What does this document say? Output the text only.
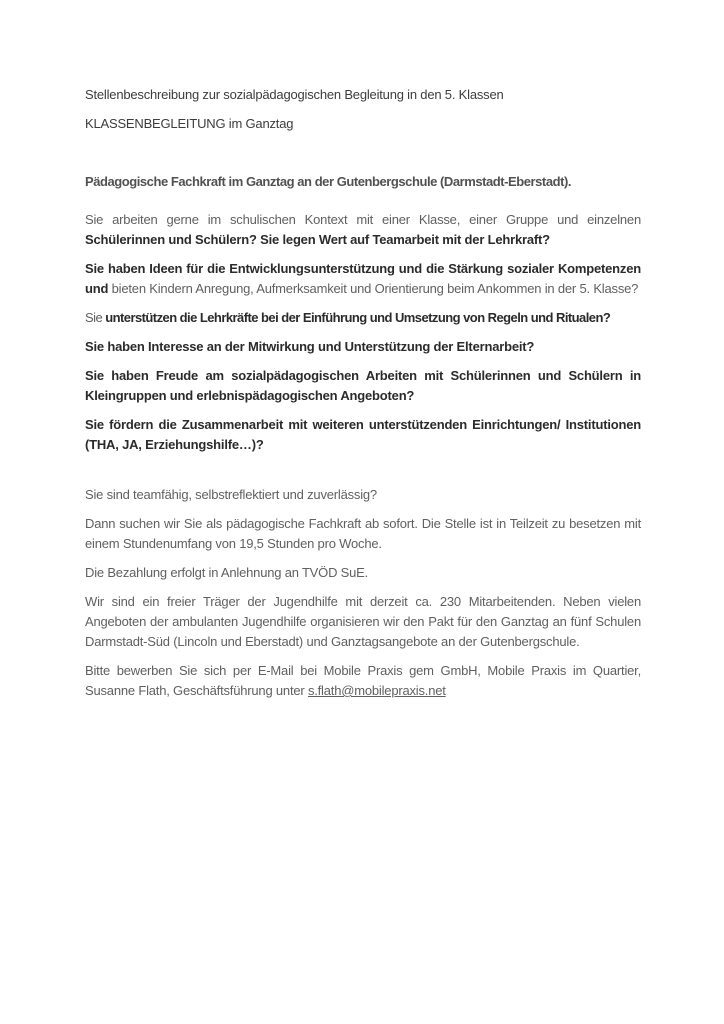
Stellenbeschreibung zur sozialpädagogischen Begleitung in den 5. Klassen

KLASSENBEGLEITUNG im Ganztag

Pädagogische Fachkraft im Ganztag an der Gutenbergschule (Darmstadt-Eberstadt).

Sie arbeiten gerne im schulischen Kontext mit einer Klasse, einer Gruppe und einzelnen Schülerinnen und Schülern? Sie legen Wert auf Teamarbeit mit der Lehrkraft?

Sie haben Ideen für die Entwicklungsunterstützung und die Stärkung sozialer Kompetenzen und bieten Kindern Anregung, Aufmerksamkeit und Orientierung beim Ankommen in der 5. Klasse?

Sie unterstützen die Lehrkräfte bei der Einführung und Umsetzung von Regeln und Ritualen?

Sie haben Interesse an der Mitwirkung und Unterstützung der Elternarbeit?

Sie haben Freude am sozialpädagogischen Arbeiten mit Schülerinnen und Schülern in Kleingruppen und erlebnispädagogischen Angeboten?

Sie fördern die Zusammenarbeit mit weiteren unterstützenden Einrichtungen/ Institutionen (THA, JA, Erziehungshilfe…)?

Sie sind teamfähig, selbstreflektiert und zuverlässig?

Dann suchen wir Sie als pädagogische Fachkraft ab sofort. Die Stelle ist in Teilzeit zu besetzen mit einem Stundenumfang von 19,5 Stunden pro Woche.

Die Bezahlung erfolgt in Anlehnung an TVÖD SuE.

Wir sind ein freier Träger der Jugendhilfe mit derzeit ca. 230 Mitarbeitenden. Neben vielen Angeboten der ambulanten Jugendhilfe organisieren wir den Pakt für den Ganztag an fünf Schulen Darmstadt-Süd (Lincoln und Eberstadt) und Ganztagsangebote an der Gutenbergschule.

Bitte bewerben Sie sich per E-Mail bei Mobile Praxis gem GmbH, Mobile Praxis im Quartier, Susanne Flath, Geschäftsführung unter s.flath@mobilepraxis.net
